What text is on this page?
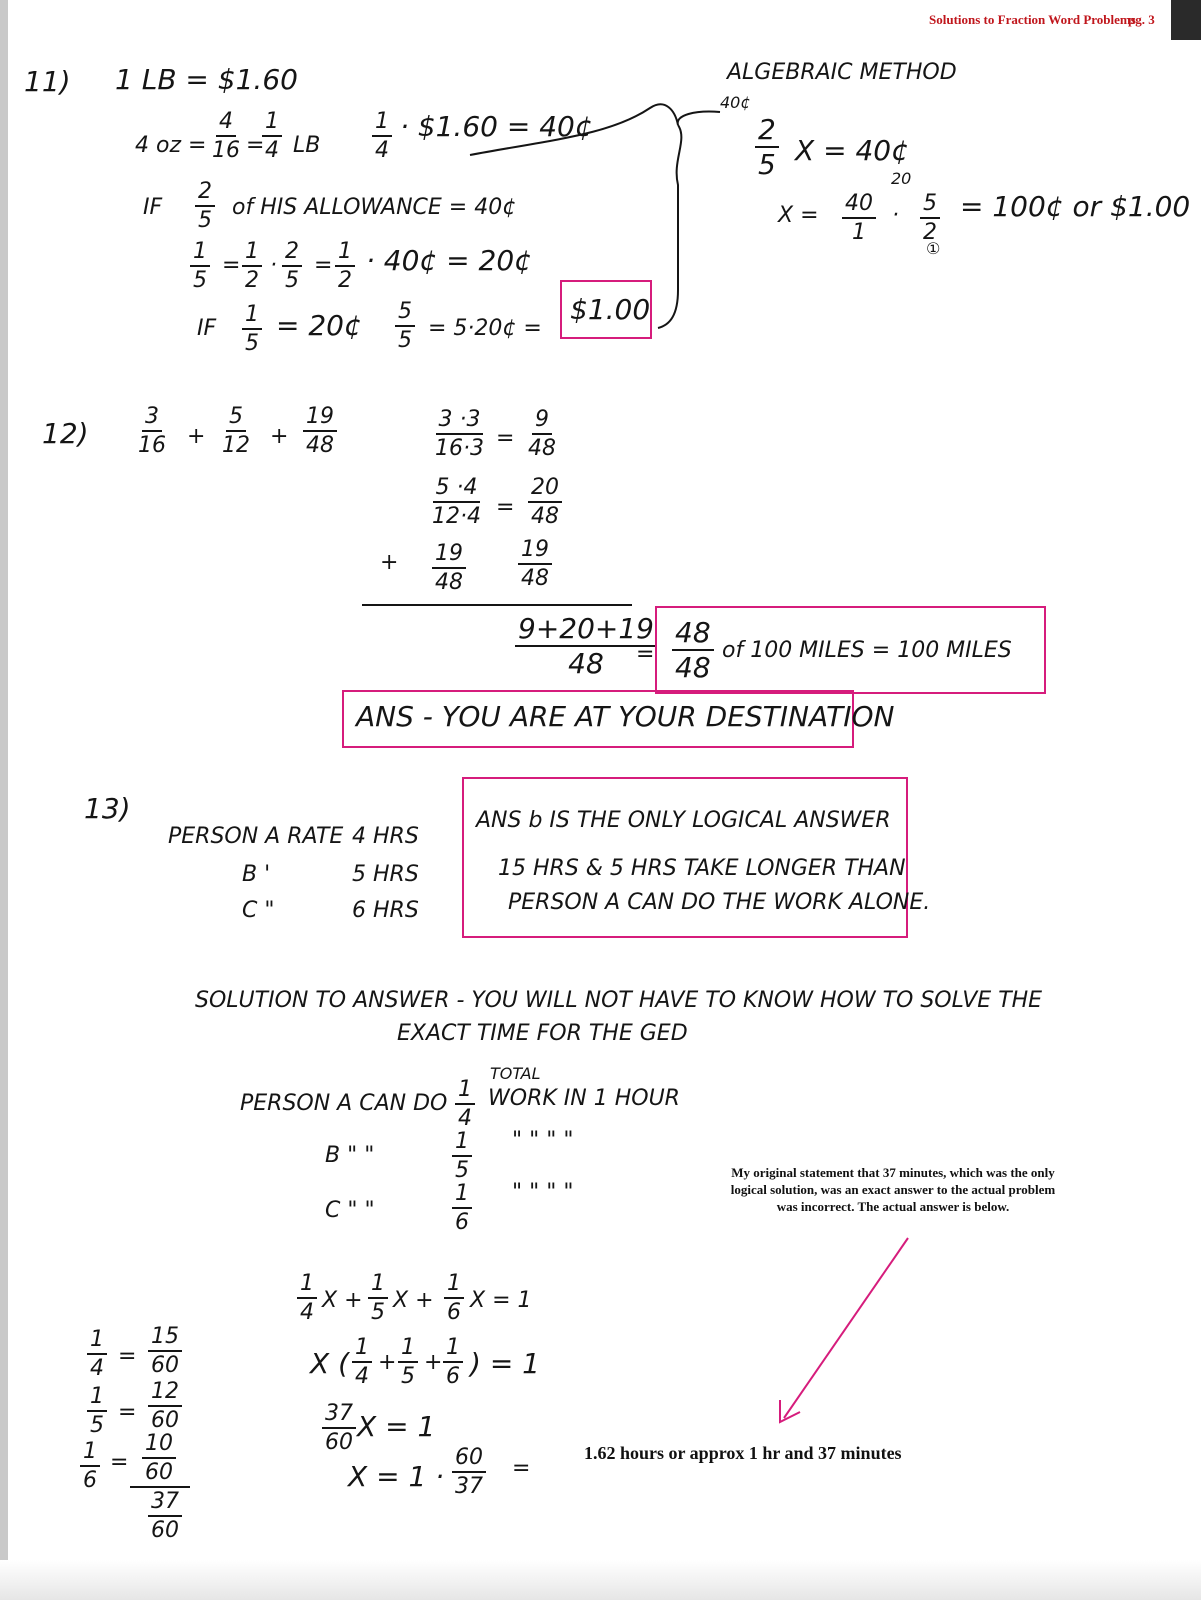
Solutions to Fraction Word Problems
pg. 3
11) 1 LB = $1.60
4 oz = $\frac{4}{16}$ =
$\frac{1}{4}$ LB $\frac{1}{4}$ · $1.60 = 40¢
IF $\frac{2}{5}$ of HIS ALLOWANCE = 40¢
$\frac{1}{5} = \frac{1}{2} \cdot \frac{2}{5} = \frac{1}{2}$ · 40¢ = 20¢
IF $\frac{1}{5}$ = 20¢ $\frac{5}{5}$ = 5·20¢ =
$1.00
ALGEBRAIC METHOD
40¢
$\frac{2}{5}$ X = 40¢
$X = \frac{40}{1}$
20
· $\frac{5}{2}$
①
= 100¢ or $1.00
$12) \frac{3}{16} + \frac{5}{12} + \frac{19}{48}$	$\frac{3 \cdot 3}{16\cdot 3} = \frac{9}{48}$
$\frac{5 \cdot 4}{12\cdot 4} = \frac{20}{48}$
+ $\frac{19}{48} \frac{19}{48}$
$\frac{9+20+19}{48}$
= $\frac{48}{48}$ of 100 MILES = 100 MILES
ANS - YOU ARE AT YOUR DESTINATION
13)
PERSON A RATE 4 HRS
B '	5 HRS
C "	6 HRS
ANS b IS THE ONLY LOGICAL ANSWER
15 HRS & 5 HRS TAKE LONGER THAN
PERSON A CAN DO THE WORK ALONE.
SOLUTION TO ANSWER - YOU WILL NOT HAVE TO KNOW HOW TO SOLVE THE
EXACT TIME FOR THE GED
PERSON A CAN DO $\frac{1}{4}$
TOTAL
WORK IN 1 HOUR
B " "	$\frac{1}{5}$ " " " "
C " "	$\frac{1}{6}$ " " " "
$\frac{1}{4}$ $X + \frac{1}{5}$ $X + \frac{1}{6}$ X = 1
X ( $\frac{1}{4} + \frac{1}{5} + \frac{1}{6}$ ) = 1
$\frac{37}{60}$ X = 1
$X = 1 \cdot \frac{60}{37}$ =
$\frac{1}{4} = \frac{15}{60}$
$\frac{1}{5} = \frac{12}{60}$
$\frac{1}{6} = \frac{10}{60}$
$\frac{37}{60}$
My original statement that 37 minutes, which was the only logical solution, was an exact answer to the actual problem was incorrect. The actual answer is below.
1.62 hours or approx 1 hr and 37 minutes
